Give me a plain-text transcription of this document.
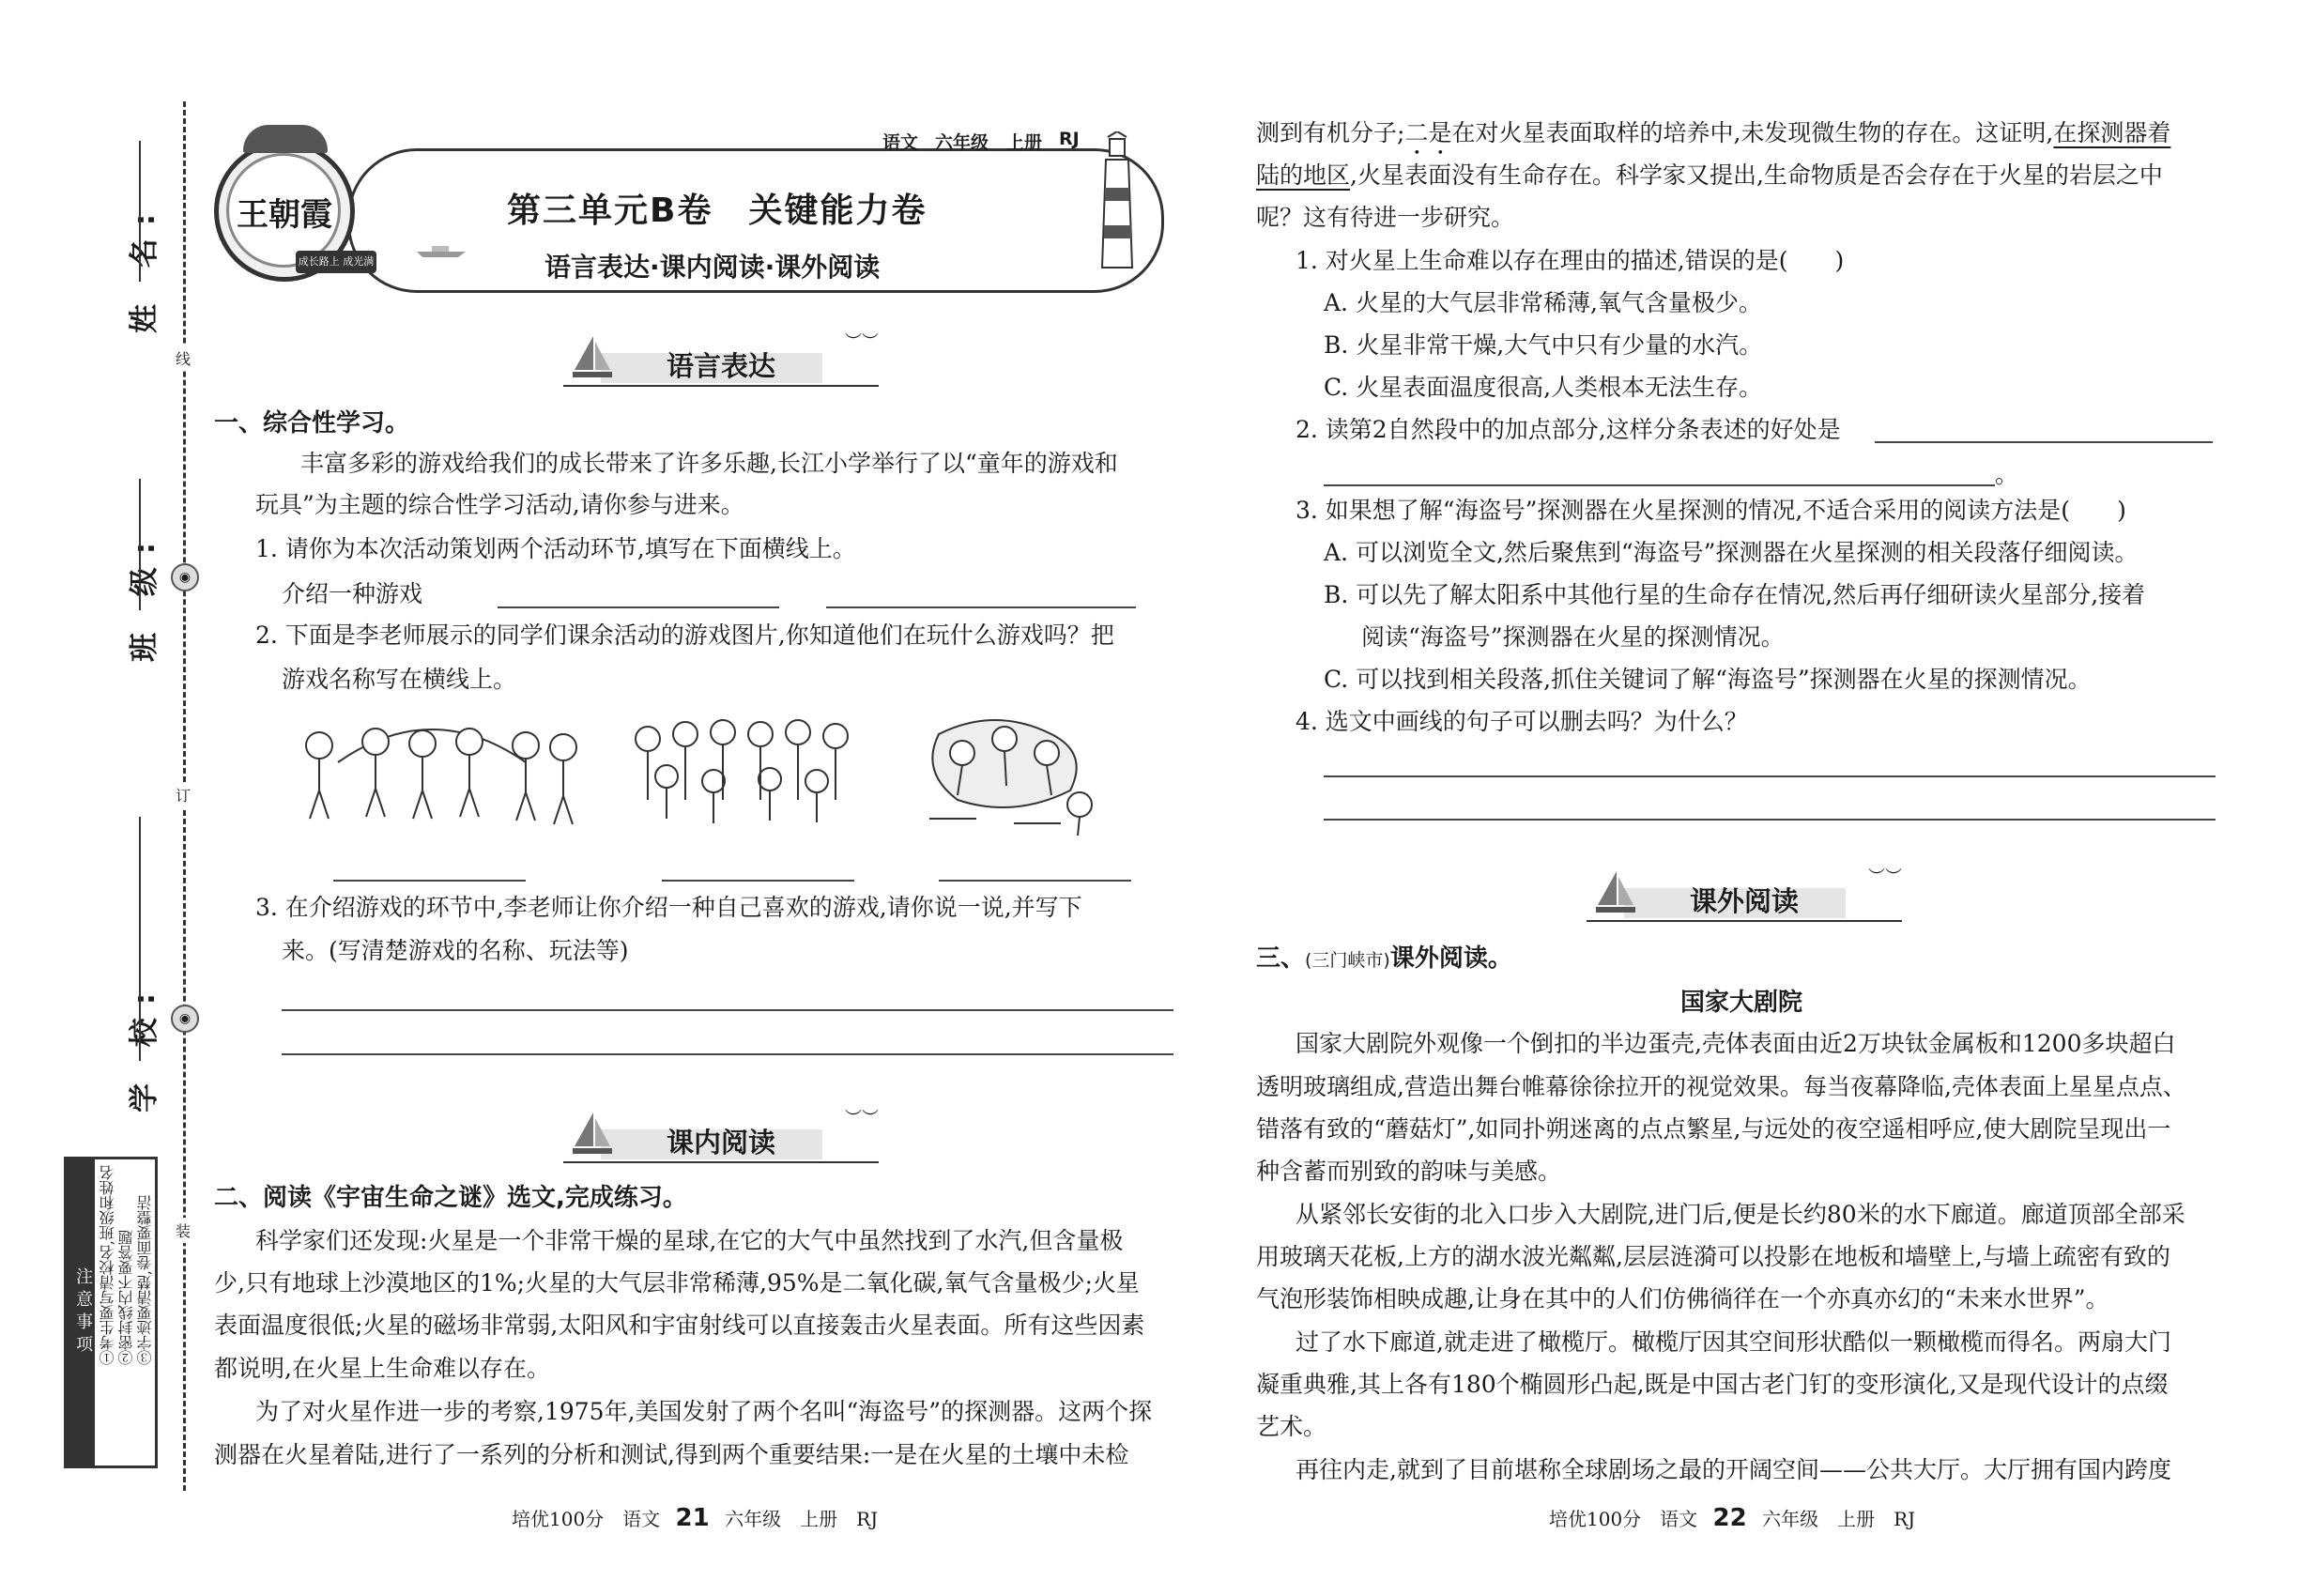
姓 名:
班 级:
学 校:
线
◉
订
◉
装
注意事项 ①考生要写清校名,班级和姓名 ②密封线内不要答题 ③字迹要清楚,卷面要整洁
王朝霞
成长路上 成光满天
语文 六年级 上册 RJ
第三单元B卷　关键能力卷
语言表达·课内阅读·课外阅读
语言表达
︶︶
一、综合性学习。
丰富多彩的游戏给我们的成长带来了许多乐趣,长江小学举行了以“童年的游戏和
玩具”为主题的综合性学习活动,请你参与进来。
1. 请你为本次活动策划两个活动环节,填写在下面横线上。
介绍一种游戏
2. 下面是李老师展示的同学们课余活动的游戏图片,你知道他们在玩什么游戏吗？把
游戏名称写在横线上。
3. 在介绍游戏的环节中,李老师让你介绍一种自己喜欢的游戏,请你说一说,并写下
来。(写清楚游戏的名称、玩法等)
课内阅读
︶︶
二、阅读《宇宙生命之谜》选文,完成练习。
科学家们还发现:火星是一个非常干燥的星球,在它的大气中虽然找到了水汽,但含量极
少,只有地球上沙漠地区的1%;火星的大气层非常稀薄,95%是二氧化碳,氧气含量极少;火星
表面温度很低;火星的磁场非常弱,太阳风和宇宙射线可以直接轰击火星表面。所有这些因素
都说明,在火星上生命难以存在。
为了对火星作进一步的考察,1975年,美国发射了两个名叫“海盗号”的探测器。这两个探
测器在火星着陆,进行了一系列的分析和测试,得到两个重要结果:一是在火星的土壤中未检
培优100分　语文 21 六年级　上册　RJ
测到有机分子;二是在对火星表面取样的培养中,未发现微生物的存在。这证明,在探测器着
陆的地区,火星表面没有生命存在。科学家又提出,生命物质是否会存在于火星的岩层之中
呢？这有待进一步研究。
1. 对火星上生命难以存在理由的描述,错误的是(　　)
A. 火星的大气层非常稀薄,氧气含量极少。
B. 火星非常干燥,大气中只有少量的水汽。
C. 火星表面温度很高,人类根本无法生存。
2. 读第2自然段中的加点部分,这样分条表述的好处是
。
3. 如果想了解“海盗号”探测器在火星探测的情况,不适合采用的阅读方法是(　　)
A. 可以浏览全文,然后聚焦到“海盗号”探测器在火星探测的相关段落仔细阅读。
B. 可以先了解太阳系中其他行星的生命存在情况,然后再仔细研读火星部分,接着
阅读“海盗号”探测器在火星的探测情况。
C. 可以找到相关段落,抓住关键词了解“海盗号”探测器在火星的探测情况。
4. 选文中画线的句子可以删去吗？为什么？
课外阅读
︶︶
三、(三门峡市)课外阅读。
国家大剧院
国家大剧院外观像一个倒扣的半边蛋壳,壳体表面由近2万块钛金属板和1200多块超白
透明玻璃组成,营造出舞台帷幕徐徐拉开的视觉效果。每当夜幕降临,壳体表面上星星点点、
错落有致的“蘑菇灯”,如同扑朔迷离的点点繁星,与远处的夜空遥相呼应,使大剧院呈现出一
种含蓄而别致的韵味与美感。
从紧邻长安街的北入口步入大剧院,进门后,便是长约80米的水下廊道。廊道顶部全部采
用玻璃天花板,上方的湖水波光粼粼,层层涟漪可以投影在地板和墙壁上,与墙上疏密有致的
气泡形装饰相映成趣,让身在其中的人们仿佛徜徉在一个亦真亦幻的“未来水世界”。
过了水下廊道,就走进了橄榄厅。橄榄厅因其空间形状酷似一颗橄榄而得名。两扇大门
凝重典雅,其上各有180个椭圆形凸起,既是中国古老门钉的变形演化,又是现代设计的点缀
艺术。
再往内走,就到了目前堪称全球剧场之最的开阔空间——公共大厅。大厅拥有国内跨度
培优100分　语文 22 六年级　上册　RJ
